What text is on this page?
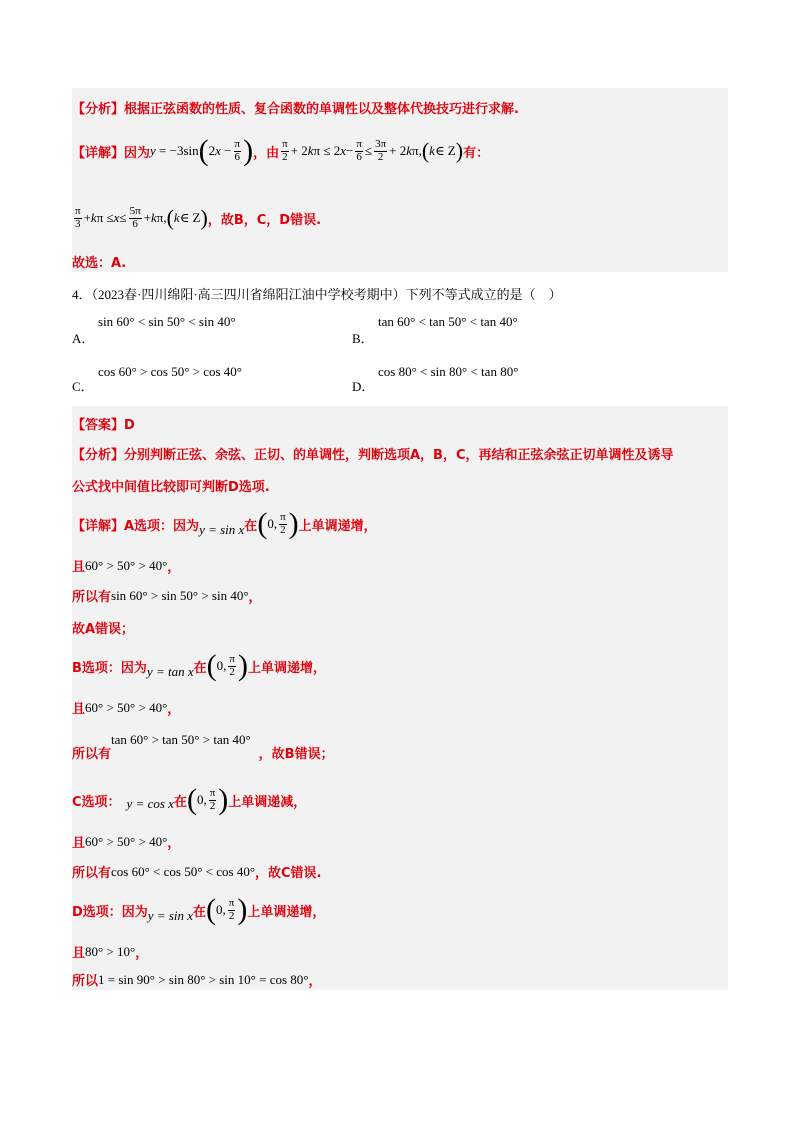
【分析】根据正弦函数的性质、复合函数的单调性以及整体代换技巧进行求解.
【详解】因为 y = −3sin ( 2 $x - \frac{\pi}{6}$ ) ，由 $\frac{\pi}{2} + 2$ k π ≤ 2 $x - \frac{\pi}{6} \le \frac{3\pi}{2} + 2$ k π, ( k ∈ Z ) 有：
$\frac{\pi}{3} + k$ $\pi \le x \le \frac{5\pi}{6} + k$ π, ( k ∈ Z ) ，故B，C，D错误.
故选：A.
4．（2023春·四川绵阳·高三四川省绵阳江油中学校考期中）下列不等式成立的是（　）
A．
sin 60° < sin 50° < sin 40°
B．
tan 60° < tan 50° < tan 40°
C．
cos 60° > cos 50° > cos 40°
D．
cos 80° < sin 80° < tan 80°
【答案】D
【分析】分别判断正弦、余弦、正切、的单调性，判断选项A，B，C，再结和正弦余弦正切单调性及诱导
公式找中间值比较即可判断D选项.
【详解】A选项：因为 y = sin x 在 ( 0, $\frac{\pi}{2}$ ) 上单调递增，
且 60° > 50° > 40° ，
所以有 sin 60° > sin 50° > sin 40° ，
故A错误；
B选项：因为 y = tan x 在 ( 0, $\frac{\pi}{2}$ ) 上单调递增，
且 60° > 50° > 40° ，
所以有
tan 60° > tan 50° > tan 40°
，故B错误；
C选项： y = cos x 在 ( 0, $\frac{\pi}{2}$ ) 上单调递减，
且 60° > 50° > 40° ，
所以有 cos 60° < cos 50° < cos 40° ，故C错误.
D选项：因为 y = sin x 在 ( 0, $\frac{\pi}{2}$ ) 上单调递增，
且 80° > 10° ，
所以 1 = sin 90° > sin 80° > sin 10° = cos 80° ，
